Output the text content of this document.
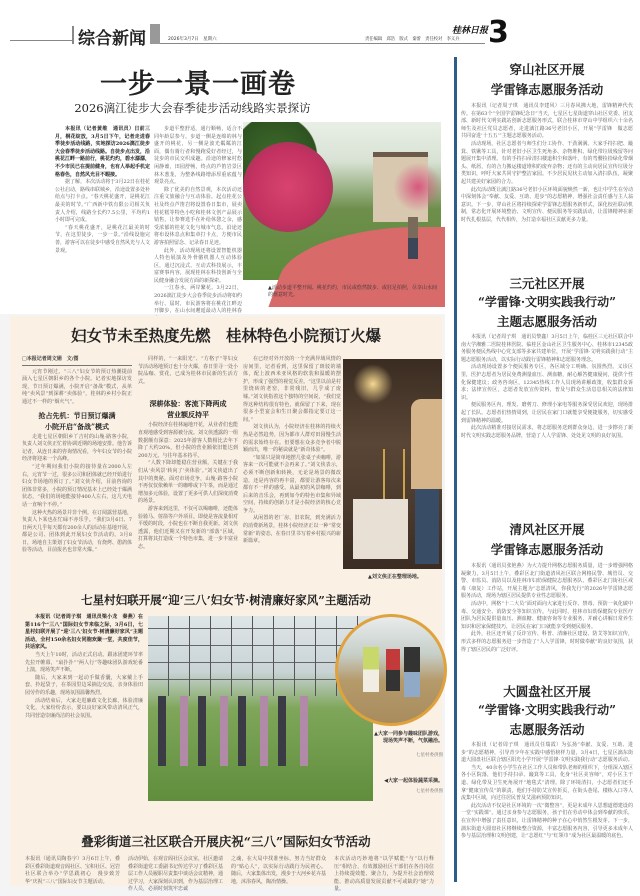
综合新闻	2026年3月7日　星期六
桂林日报
责任编辑　邱浩　版式　秦蕾　责任校对　李义兵 3
一步一景一画卷
2026漓江徒步大会春季徒步活动线路实景探访

本报讯（记者黄维　通讯员）日前三月，桐花绽放，3月5日下午，记者走进春季徒步活动线路，实地探访2026漓江徒步大会春季徒步活动线路。自徒步点出发，沿桃花江畔一路前行，桃花灼灼，碧水潺潺，不少市民已在提前健身，也有人举起手机定格春色，自然风光目不暇接。

据了解，本次活动将于3月22日在桂花公社启动，路线串联城乡，沿途设置多处补给点与打卡点。“春天桃花盛开，是桃花江最美的时节。”广西新中铁有限公司相关负责人介绍，线路全长约7.5公里，平均约1小时即可完成。

“春天桃花盛开，是桃花江最美的时节，在这里徒步，一步一景。”沿线设施完善，游客可以在徒步中感受自然风光与人文景观。

步道平整舒适，通行顺畅，适合不同年龄层参与。步道一侧是连绵的林与盛开的桃花，另一侧是波光粼粼的江面，偶有骑行者和慢跑爱好者经过，与徒步的市民交织成趣。沿途的修家村悠闲静谧，田园舒畅，终点的芦笛岩景区林木葱茏，为整条线路增添厚重底蕴与观景亮点。

除了优美的自然景观，本次活动还注重文旅融合与互动体验。起点桂花公社及终点芦笛岩将设置春日集市，展卖桂花糕等特色小吃和桂林文创产品展示销售，让参赛选手在补给休憩之余，感受浓郁的桂花文化与城市气息。沿途还将布设休息点和集章打卡点，方便市民游客拍照留念、记录春日足迹。

此外，活动现场还将设置智能机器人特色展演及外骨骼机器人互动体验区，通过沉浸式、互动式科技展示，丰富赛事内容，展现桂林在科技创新与全民健身融合发展方面的新探索。

一江春水，两岸繁花。3月22日，2026漓江徒步大会春季徒步活动将如约举行。届时，市民游客将在桃花江畔迈开脚步，在山水间邂逅最动人的桂林春

▲活动步道平整开阔、桃花灼灼，市民或悠然散步、或驻足拍照，尽享山水间的惬意时光。
穿山社区开展
学雷锋志愿服务活动

本报讯（记者周子琪　通讯员李建风）三月春风拂大地，雷锋精神代代传。在第63个“全国学雷锋纪念日”当天，七星区七星街道穿山社区党委、团支部、新时代文明实践站创新志愿服务形式，联合桂林市穿山中学组织六十余名师生及社区党员志愿者，走进漓江路36号老旧小区，开展“学雷锋　做志愿　共同奋进‘十五五’”主题志愿服务活动。

活动现场，社区志愿者与师生们分工协作、干劲满满。大家手持扫把、簸箕、铁锹等工具，针对老旧小区卫生死角多、杂物堆积、绿化带垃圾残留等问题展开集中清理。有的手持扫帚清扫楼道积尘和落叶，有的弯腰捡拾绿化带烟头、纸屑，有的合力搬运楼道堆积的废弃杂物；还有的主动向居民宣传垃圾分类知识，呼吁大家共同守护整洁家园。不少居民见状主动加入清扫队伍，凝聚起共建美好家园的合力。

此次活动既让漓江路36号老旧小区环境面貌焕然一新，也让中学生在劳动中深刻体会“奉献、友爱、互助、进步”的志愿精神，增强社会责任感与主人翁意识。下一步，穿山社区将持续探索学雷锋志愿服务新形式，深化校社联动机制，常态化开展环境整治、文明宣传、便民服务等实践活动，让雷锋精神在新时代扎根基层，代代相传，为打造幸福社区贡献更多力量。

三元社区开展
“学雷锋·文明实践我行动”
主题志愿服务活动

本报讯（记者周子琪　通讯员黎鑫）3月5日上午，临桂区三元社区联合中南大学湘雅二医院桂林医院、临桂区金山社区卫生服务中心、桂林市12345政务服务便民热线中心党支部等多家共建单位，开展“学雷锋·文明实践我行动”主题志愿服务活动，以实际行动践行雷锋精神和志愿服务理念。

活动现场设置多个便民服务专区，各区域分工明确、氛围热烈。义诊区里，医护志愿者为居民免费测量血压、测血糖，耐心解答健康疑问，提供个性化保健建议；政务咨询区，12345热线工作人员现场讲解政策，收集群众诉求；法律宣传区，志愿者发放宣传资料，普及与群众生活息息相关的法律知识。

便民服务区内，理发、磨剪刀、修理小家电等服务深受居民欢迎，现场排起了长队。志愿者们热情周到，让居民在家门口就能享受便捷服务，切实感受到雷锋精神的温暖。

此次活动精准对接居民需求，将志愿服务送到群众身边，进一步擦亮了新时代文明实践志愿服务品牌，营造了人人学雷锋、处处见文明的良好氛围。

清风社区开展
学雷锋志愿服务活动

本报讯（通讯员张艳燕）为大力提升网格志愿服务质量，进一步增强网格凝聚力，3月5日上午，叠彩区北门街道清风社区联合网格民警、城管员、交警、市监员、消防员以及桂林市妇幼保健院志愿服务队、叠彩区北门街社区戒毒（康复）工作站，开展主题为“志愿清风，你我先行”的2026年学雷锋志愿服务活动，现场为辖区居民提供专业性志愿服务。

活动中，网格“十二大员”面对面向大家进行反诈、禁毒、预防一氧化碳中毒、交通安全、消防安全等知识宣传。与此同时，桂林市妇幼保健院专业医疗团队为居民提供量血压、测血糖、健康咨询等专业服务，并耐心讲解日常养生知识和居家保健技巧，让居民在家门口就能享受到便民服务。

此外，社区还开展了反诈宣传、科普、清廉社区建设、防艾等知识宣传，形式多样的志愿服务进一步营造了“人人学雷锋，时时做奉献”的良好氛围，获得了辖区居民的广泛好评。

大圆盘社区开展
“学雷锋·文明实践我行动”
志愿服务活动

本报讯（记者周子琪　通讯员任瑞霞）为弘扬“奉献、友爱、互助、进步”的志愿精神，引导青少年在实践中感悟榜样力量，3月4日，七星区漓东街道大圆盘社区联合辖区阳光小学开展“学雷锋·文明实践我行动”志愿服务活动。

当天，40余名小学生在社区工作人员和带队老师的组织下，分组深入辖区各小区院落，他们手持扫帚、簸箕等工具，化身“社区美容师”，对小区主干道、绿化带及卫生死角展开“地毯式”清理。除了环境清扫，小志愿者们还手拿“健康宣传员”的职责，他们手持防艾宣传折页，在街头巷尾、楼栋入口等人流集中区域，向过往居民普及艾滋病预防知识。

此次活动不仅是社区环境的一次“微整容”，更是未成年人思想道德建设的一堂“实践课”。通过亲身参与志愿服务，孩子们在劳动中体会到奉献的快乐，在宣传中增强了责任意识，让雷锋精神的种子在心中悄然生根发芽。下一步，漓东街道大圆盘社区将继续整合资源，丰富志愿服务内容，引导更多未成年人参与基层治理和文明创建，让“志愿红”与“红领巾”成为社区最温暖的底色。

妇女节未至热度先燃　桂林特色小院预订火爆
□本报记者周文娟　文/图

元宵节刚过，“三八”妇女节的预订热潮提前涌入七星区朝阳乡的各个小院。记者实地探访发现，节日预订爆满，小院开启“备战”模式，从单纯“卖风景”到深耕“卖体验”，桂林的乡村小院正通过不一样的“烟火气”。

抢占先机：节日预订爆满
小院开启“备战”模式

走进七星区朝阳乡丫吉村的山堍·路客小院，负责人刘文侠正忙着协调近期的场地安排。他告诉记者，从连日来的咨询情况看，今年妇女节的小院经济将迎来一个高峰。

“过年期间我们小院的接待量在2000人左右，元宵节一过，很多公司和团体就已经开始进行妇女节场地的预订了。”刘文侠介绍，目前咨询的团体非常多，小院的预订情况基本上已经处于爆满状态，“我们的场地能接待400人左右，这几天电话一直响个不停。”

这种火热的场景并非个例。在订阅露营基地，负责人卜某也在忙碌不亦乐乎。“我们3月6日、7日两天几乎每天都有200余人的活动在基地开展，都是公司、团体到此开展妇女节活动的。3月8日，场地自主策划了妇女节活动，有烧烤、憩鸽体验等活动，目前报名也非常火爆。”

同样的，“一来阳光”、“方格子”等妇女节活动场地预订也十分火爆，春日里寻一处小院品咖、赏花，已成为桂林市民新的生活方式。

深耕体验：客流下降两成
营业额反持平

小院经济在桂林遍地开花，从业者们也能直观地感受到客源被分流。刘文侠透露的一组数据颇有深意：2025年游客人数相比去年下降了大约20%，但小院的营业额依旧能达到200万元，与往年基本持平。

“人数下降却能稳住营业额，关键在于我们从‘卖风景’转向了‘卖体验’。”刘文侠道出了其中的奥秘。面对市场竞争，山堍·路客小院不再仅仅依赖单一的咖啡或下午茶，而是通过增加多元体验，设置了更多可供人们深度消费的场景。

游客来到这里，不仅可以喝咖啡，还能体验骑马、射箭等户外项目。即使是客流量相对平缓的时段，小院也在不断自我更新。刘文侠透露，他们近期又在开发新的“部落”区域，打算将其打造成一个特色市集，进一步丰富业态。

在已经对外开放的一个充满异域风情的房间里，记者看到，这里保留了斑驳的墙体，配上波西米亚风格的软装和温暖的摆护，形成了强烈的视觉反差。“这里以前是村里烧砖的老窑，非常残旧，几乎成了废墟。”刘文侠指着这个独特的空间说，“我们觉得这种结构很有特色，就保留了下来，现在很多小型宴会和生日聚会都指定要订这一间。”

刘文侠认为，小院经济在桂林的持续火热是必然趋势，因为都市人群对田园慢生活的需求始终存在。但要想在众多竞争者中脱颖而出，唯一的秘诀就是“新奇体验”。

“如果只是简单地摆几张桌子卖咖啡，游客来一次可能就不会再来了。”刘文侠表示，必须不断创新和转换，无论是场景的微改造，还是内容的再丰富，都要让游客每次来都有不一样的感受。从最初的风景咖啡，到后来的音乐会，再到如今的特色市集和异域空间，持续的创新力才是小院经济的核心竞争力。

从闲置的老厂房、旧农院，到充满活力的消费新场景，桂林小院经济正以一种“常变常新”的姿态，在春日里书写着乡村振兴的崭新篇章。

▲刘文侠正在整理场地。
七星村妇联开展“迎‘三八’妇女节·树清廉好家风”主题活动

本报讯（记者周子琪　通讯员梁小龙　秦燕）在第116个“三八”国际妇女节来临之际，3月6日，七星村妇联开展了“迎‘三八’妇女节·树清廉好家风”主题活动，全村150余名妇女同胞欢聚一堂，共度佳节，共话家风。

当天上午10时，活动正式启动。跟冰团建环节率先拉开帷幕，“扇扑扑”“两人行”等趣味团队游戏轮番上演，现场笑声不断。

随后，大家来到一起动手做香囊，大家戴上手套、拎起袋子，在茶园里边采摘边交流，亲身体验田园劳作的乐趣，现场氛围温馨热烈。

活动结束后，大家走进廉政文化长廊，体验清廉文化，大家纷纷表示，要以良好家风带动清风正气，共同营造崇廉尚洁的社会氛围。

▲大家一同参与趣味团队游戏，现场笑声不断，气氛融洽。
七星村委供图
◀大家一起体验蔬菜采摘。
七星村委供图
叠彩街道三社区联合开展庆祝“三八”国际妇女节活动
本报讯（通讯员陶春宇）3月6日上午，叠彩区叠彩街道观音阁社区、宝积社区、冠岩社区联合举办“学思践初心　漫步致芳华”庆祝“三八”国际妇女节主题活动。
活动伊始，在观音阁社区会议室，社区邀请叠彩街道党工委副书记传达学习了叠彩区基层工作人员履职尽责集中谈话会议精神，通过学习，大家深刻认识到，作为基层治理工作人员，必须时刻筑牢忠诚
之魂，在大局中找准坐标，努力当好群众的“贴心人”，以实际行动践行为民初心。随后，大家集体出发，漫步于大河乡花卉基地，沐浴春风，陶冶情操。
本次活动巧妙地将“以学赋能”与“以行释压”相结合，有效激励社区干部们在各自岗位上持续提效能、聚合力，为提升社会治理效能、推动高质量发展贡献不可或缺的“她”力量。
